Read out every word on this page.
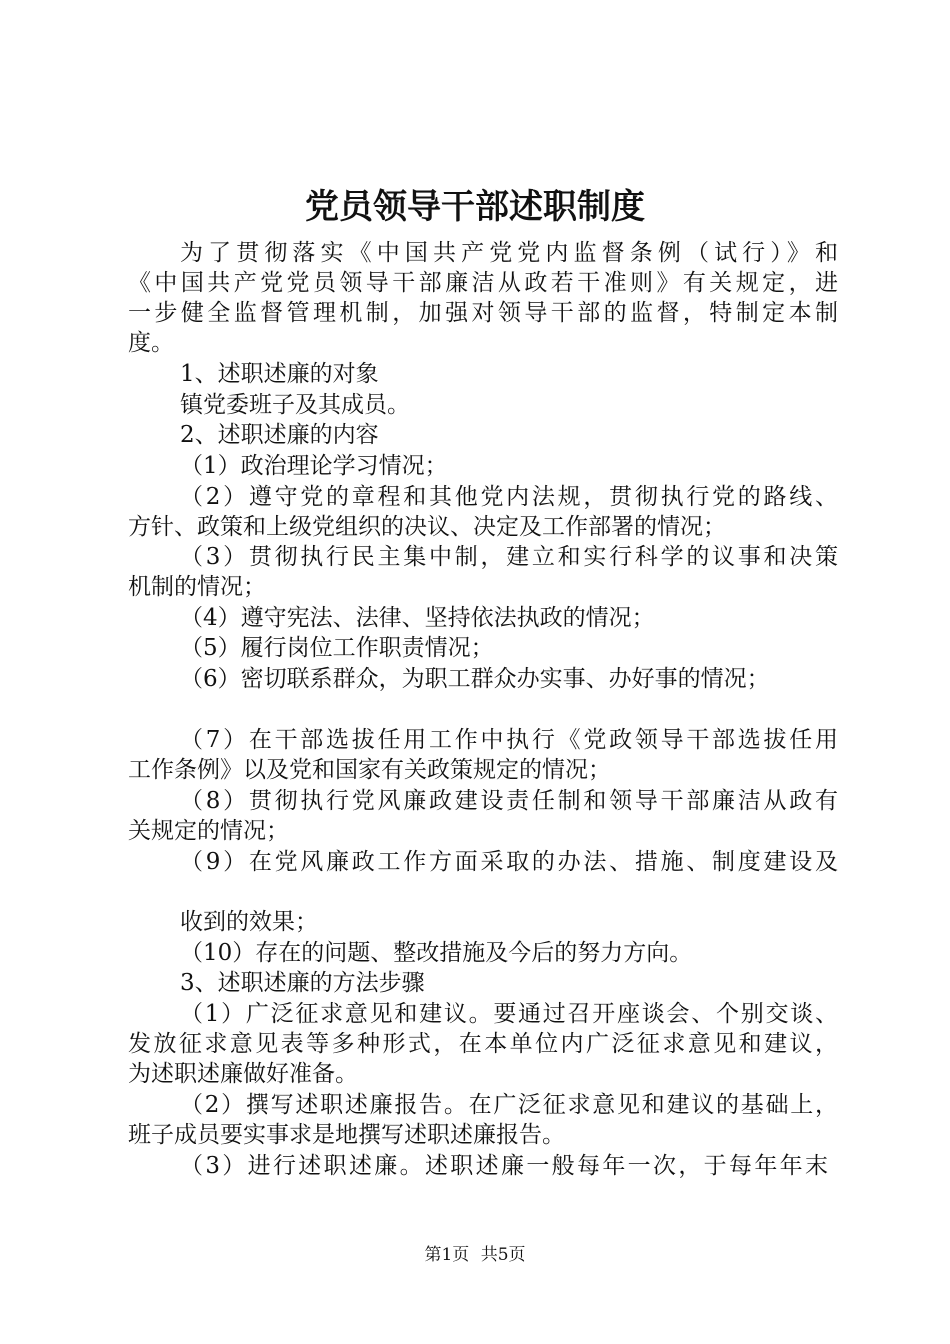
党员领导干部述职制度
为了贯彻落实《中国共产党党内监督条例（试行）》和
《中国共产党党员领导干部廉洁从政若干准则》有关规定，进
一步健全监督管理机制，加强对领导干部的监督，特制定本制
度。
1、述职述廉的对象
镇党委班子及其成员。
2、述职述廉的内容
（1）政治理论学习情况；
（2）遵守党的章程和其他党内法规，贯彻执行党的路线、
方针、政策和上级党组织的决议、决定及工作部署的情况；
（3）贯彻执行民主集中制，建立和实行科学的议事和决策
机制的情况；
（4）遵守宪法、法律、坚持依法执政的情况；
（5）履行岗位工作职责情况；
（6）密切联系群众，为职工群众办实事、办好事的情况；
（7）在干部选拔任用工作中执行《党政领导干部选拔任用
工作条例》以及党和国家有关政策规定的情况；
（8）贯彻执行党风廉政建设责任制和领导干部廉洁从政有
关规定的情况；
（9）在党风廉政工作方面采取的办法、措施、制度建设及
收到的效果；
（10）存在的问题、整改措施及今后的努力方向。
3、述职述廉的方法步骤
（1）广泛征求意见和建议。要通过召开座谈会、个别交谈、
发放征求意见表等多种形式，在本单位内广泛征求意见和建议，
为述职述廉做好准备。
（2）撰写述职述廉报告。在广泛征求意见和建议的基础上，
班子成员要实事求是地撰写述职述廉报告。
（3）进行述职述廉。述职述廉一般每年一次，于每年年末
第1页 共5页
